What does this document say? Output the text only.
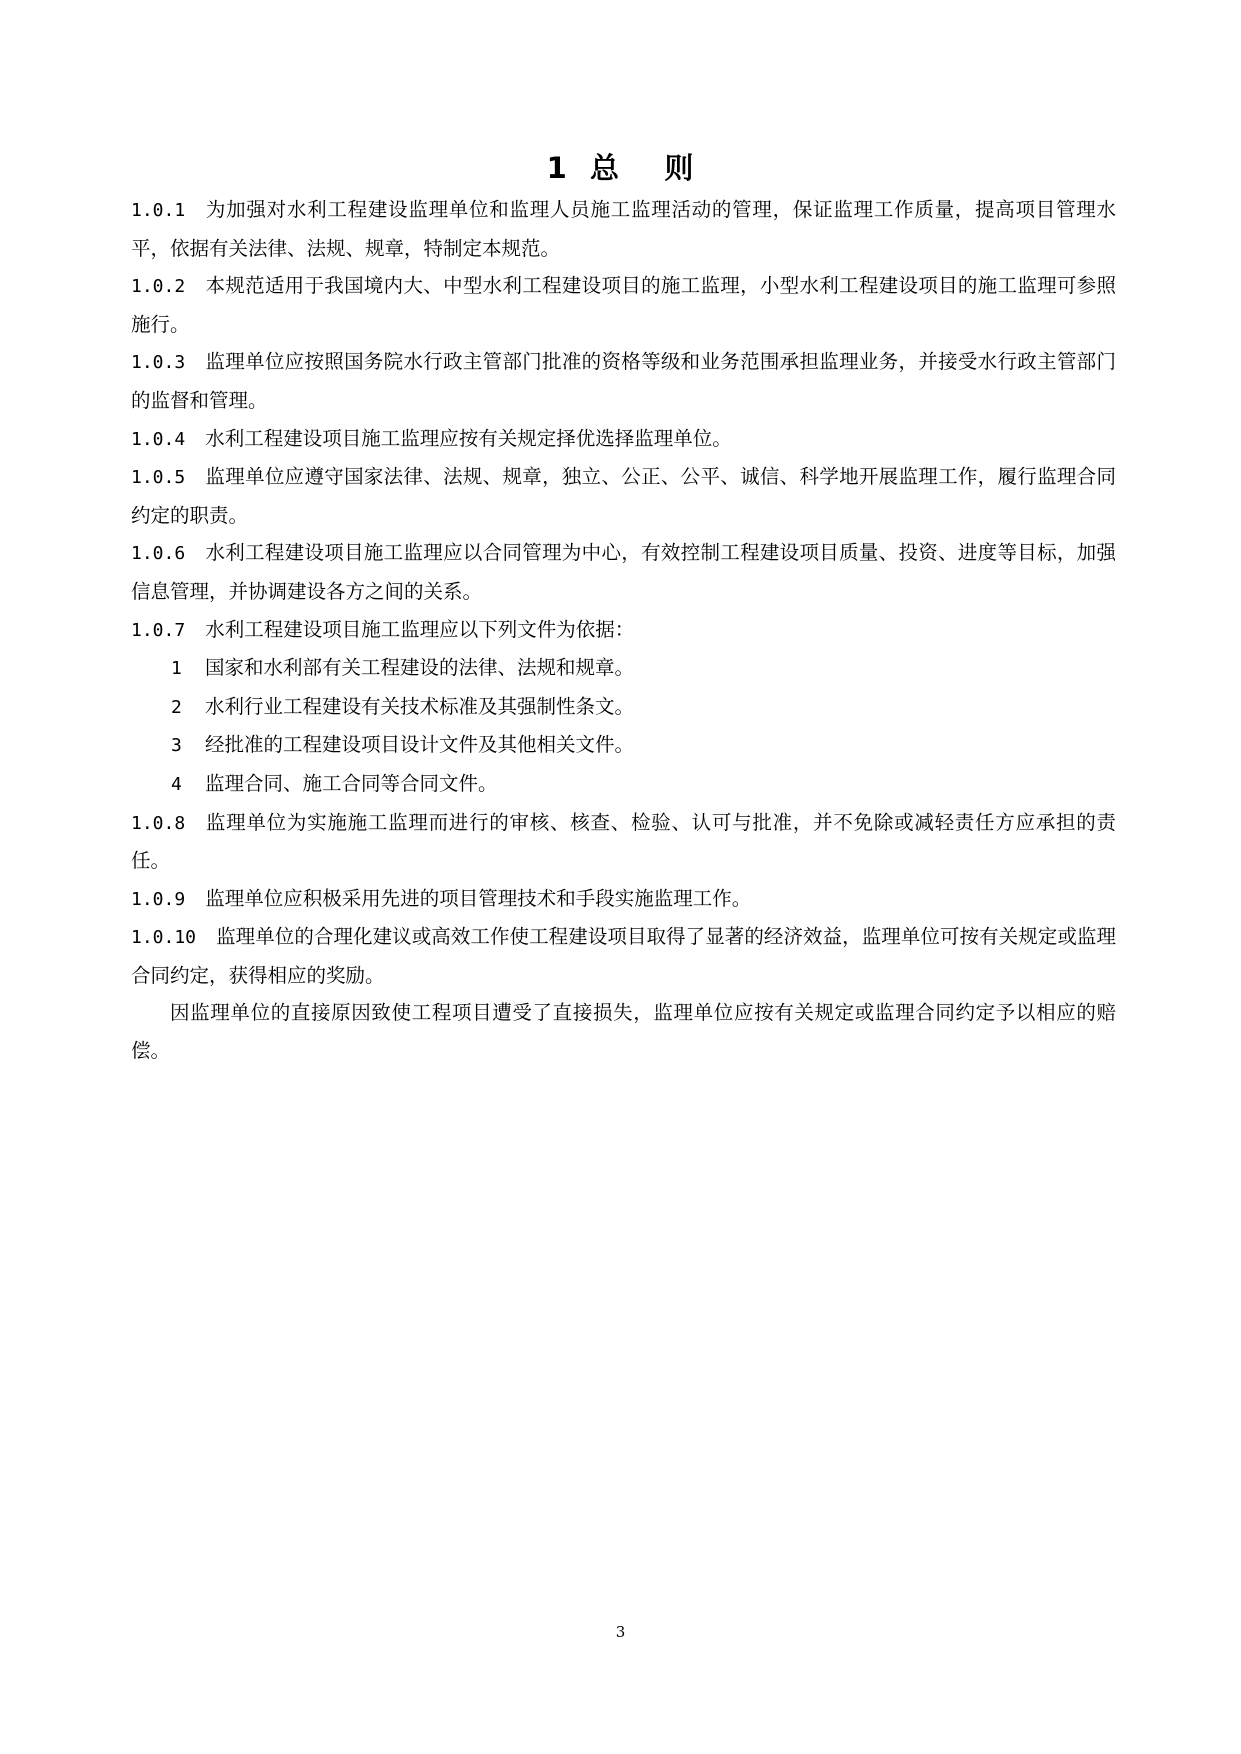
1  总    则

1.0.1 为加强对水利工程建设监理单位和监理人员施工监理活动的管理，保证监理工作质量，提高项目管理水平，依据有关法律、法规、规章，特制定本规范。

1.0.2 本规范适用于我国境内大、中型水利工程建设项目的施工监理，小型水利工程建设项目的施工监理可参照施行。

1.0.3 监理单位应按照国务院水行政主管部门批准的资格等级和业务范围承担监理业务，并接受水行政主管部门的监督和管理。

1.0.4 水利工程建设项目施工监理应按有关规定择优选择监理单位。

1.0.5 监理单位应遵守国家法律、法规、规章，独立、公正、公平、诚信、科学地开展监理工作，履行监理合同约定的职责。

1.0.6 水利工程建设项目施工监理应以合同管理为中心，有效控制工程建设项目质量、投资、进度等目标，加强信息管理，并协调建设各方之间的关系。

1.0.7 水利工程建设项目施工监理应以下列文件为依据：

1 国家和水利部有关工程建设的法律、法规和规章。

2 水利行业工程建设有关技术标准及其强制性条文。

3 经批准的工程建设项目设计文件及其他相关文件。

4 监理合同、施工合同等合同文件。

1.0.8 监理单位为实施施工监理而进行的审核、核查、检验、认可与批准，并不免除或减轻责任方应承担的责任。

1.0.9 监理单位应积极采用先进的项目管理技术和手段实施监理工作。

1.0.10 监理单位的合理化建议或高效工作使工程建设项目取得了显著的经济效益，监理单位可按有关规定或监理合同约定，获得相应的奖励。

因监理单位的直接原因致使工程项目遭受了直接损失，监理单位应按有关规定或监理合同约定予以相应的赔偿。

3
